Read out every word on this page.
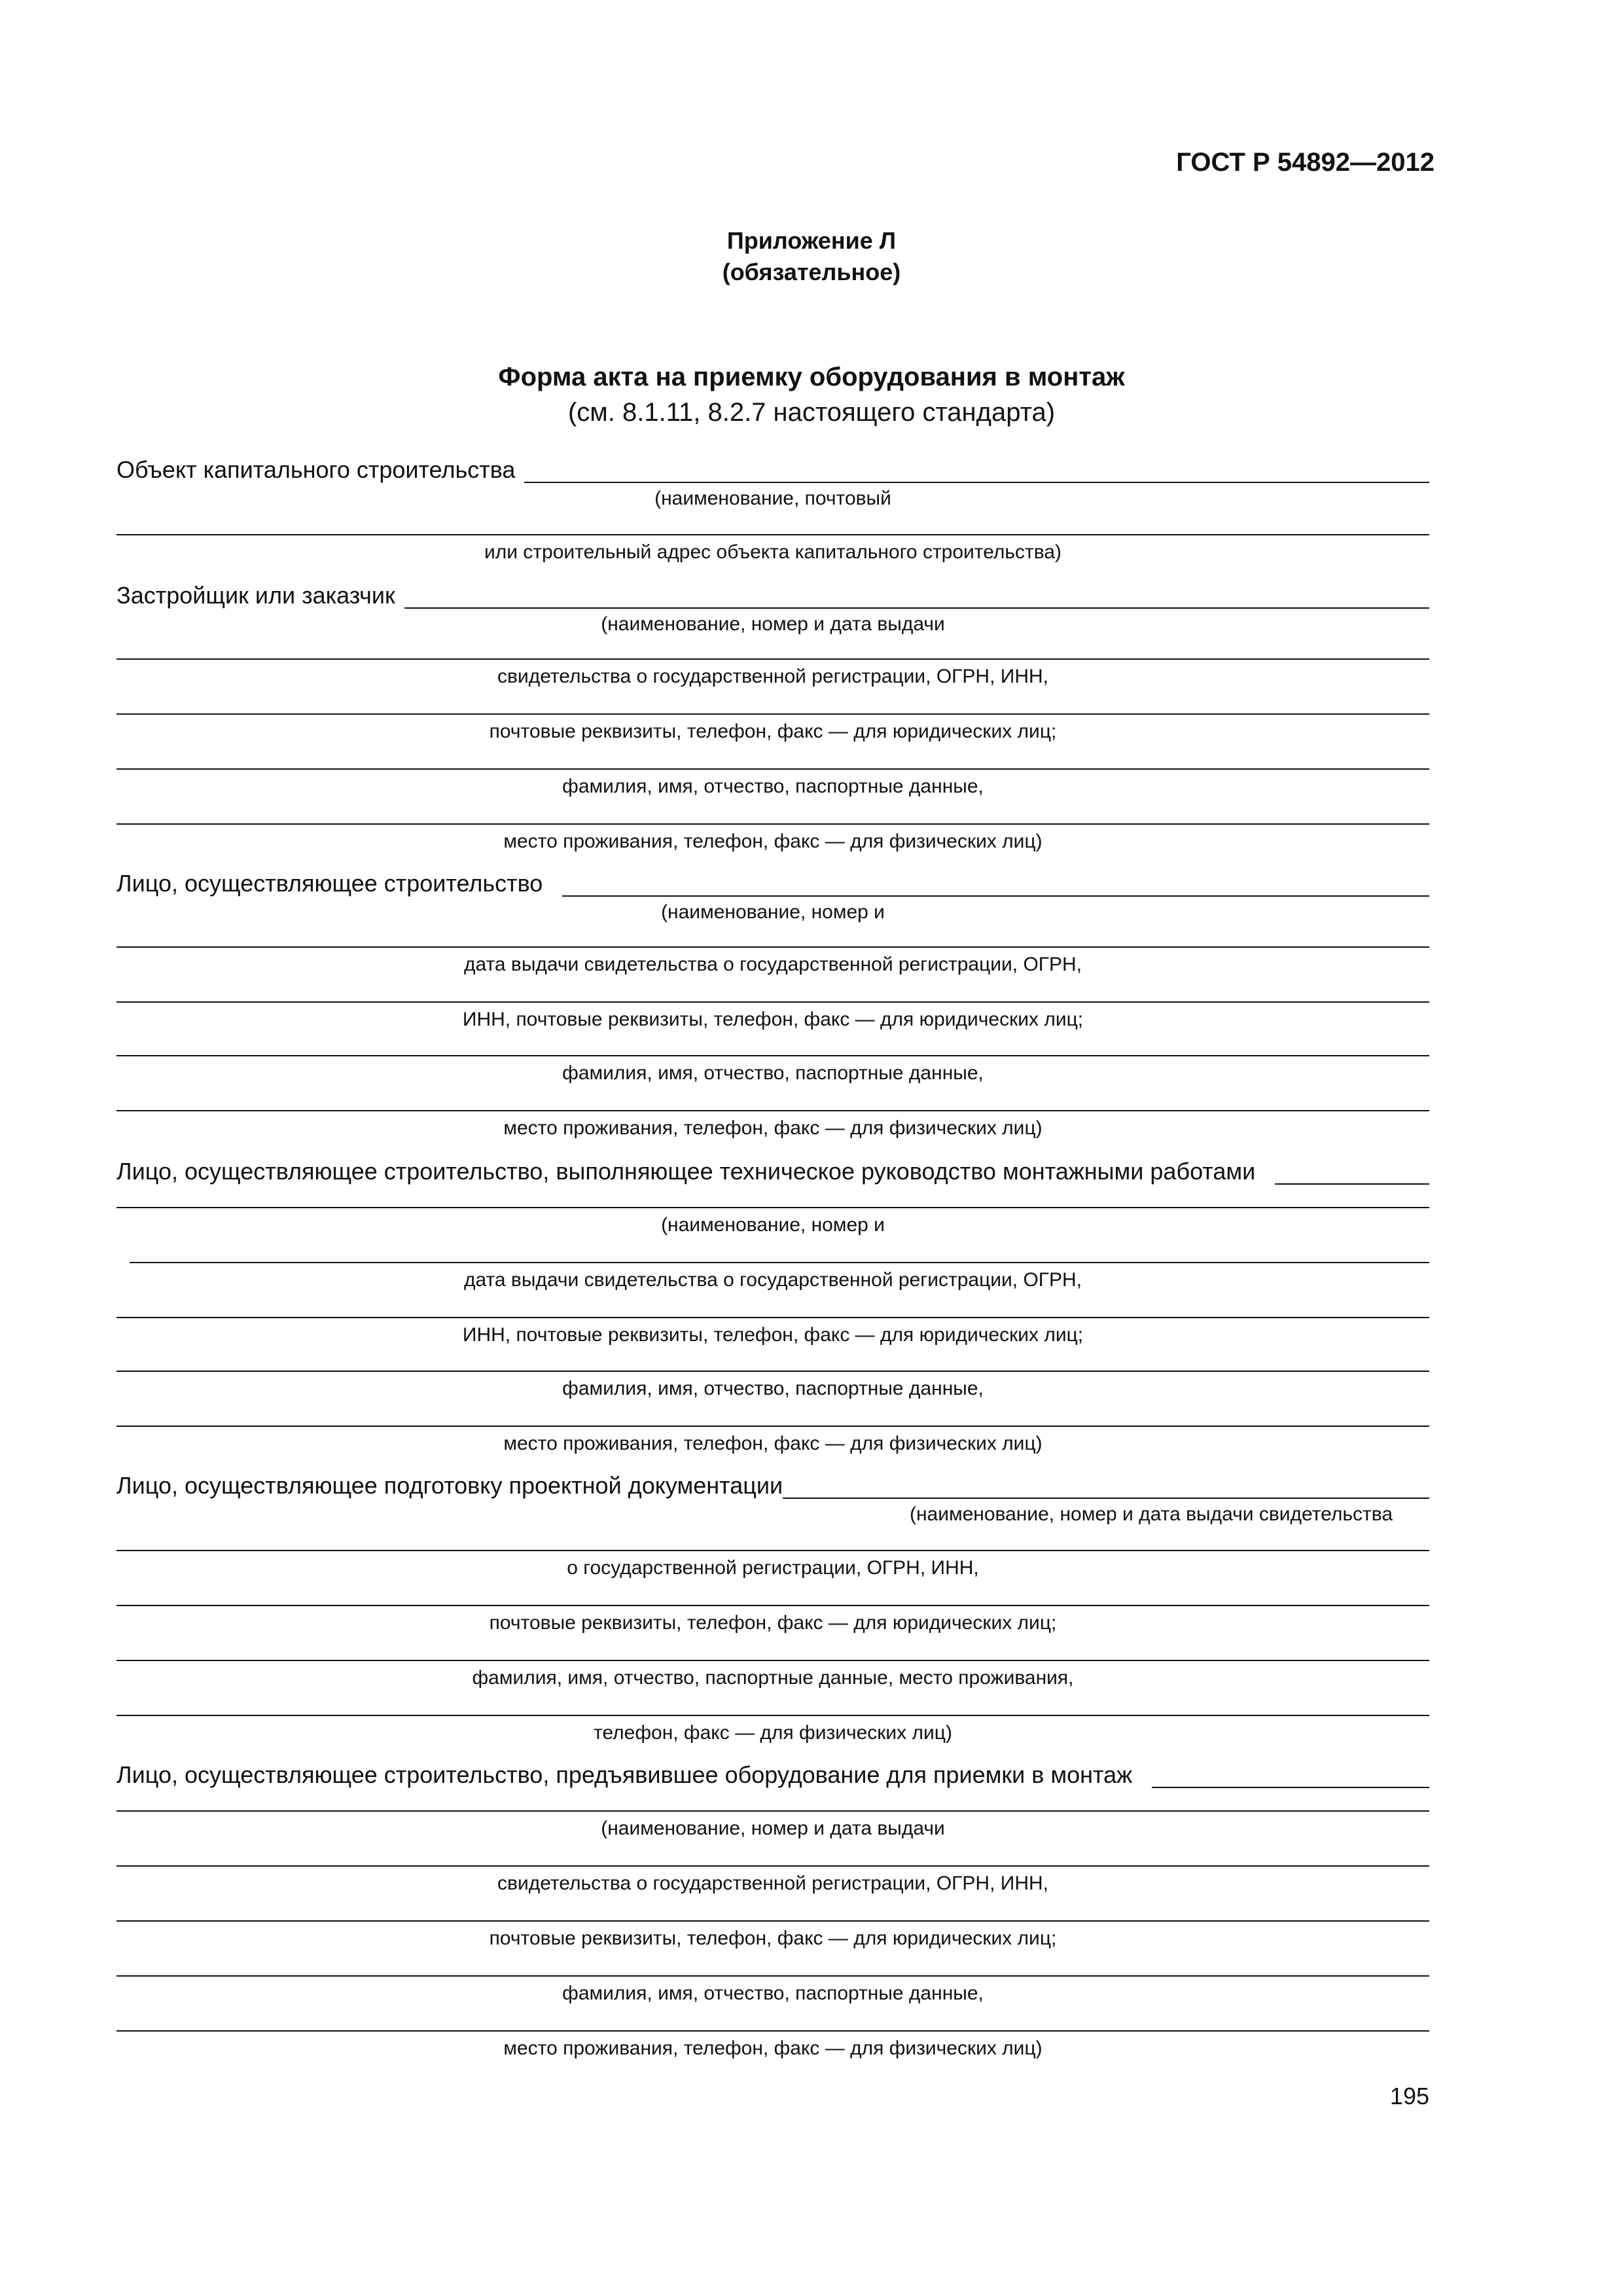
ГОСТ Р 54892—2012
Приложение Л
(обязательное)
Форма акта на приемку оборудования в монтаж
(см. 8.1.11, 8.2.7 настоящего стандарта)
Объект капитального строительства
(наименование, почтовый
или строительный адрес объекта капитального строительства)
Застройщик или заказчик
(наименование, номер и дата выдачи
свидетельства о государственной регистрации, ОГРН, ИНН,
почтовые реквизиты, телефон, факс — для юридических лиц;
фамилия, имя, отчество, паспортные данные,
место проживания, телефон, факс — для физических лиц)
Лицо, осуществляющее строительство
(наименование, номер и
дата выдачи свидетельства о государственной регистрации, ОГРН,
ИНН, почтовые реквизиты, телефон, факс — для юридических лиц;
фамилия, имя, отчество, паспортные данные,
место проживания, телефон, факс — для физических лиц)
Лицо, осуществляющее строительство, выполняющее техническое руководство монтажными работами
(наименование, номер и
дата выдачи свидетельства о государственной регистрации, ОГРН,
ИНН, почтовые реквизиты, телефон, факс — для юридических лиц;
фамилия, имя, отчество, паспортные данные,
место проживания, телефон, факс — для физических лиц)
Лицо, осуществляющее подготовку проектной документации
(наименование, номер и дата выдачи свидетельства
о государственной регистрации, ОГРН, ИНН,
почтовые реквизиты, телефон, факс — для юридических лиц;
фамилия, имя, отчество, паспортные данные, место проживания,
телефон, факс — для физических лиц)
Лицо, осуществляющее строительство, предъявившее оборудование для приемки в монтаж
(наименование, номер и дата выдачи
свидетельства о государственной регистрации, ОГРН, ИНН,
почтовые реквизиты, телефон, факс — для юридических лиц;
фамилия, имя, отчество, паспортные данные,
место проживания, телефон, факс — для физических лиц)
195
